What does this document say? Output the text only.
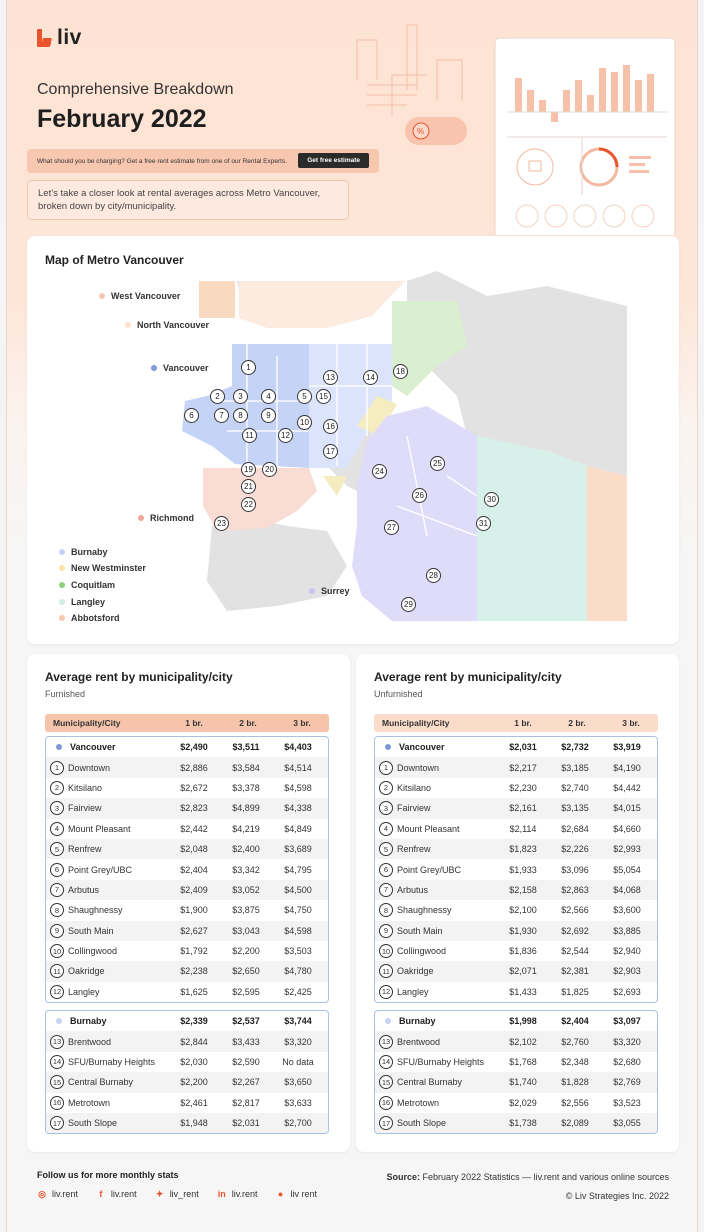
liv
%
Comprehensive Breakdown
February 2022
What should you be charging? Get a free rent estimate from one of our Rental Experts.	Get free estimate
Let’s take a closer look at rental averages across Metro Vancouver, broken down by city/municipality.
Map of Metro Vancouver
West Vancouver
North Vancouver
Vancouver
Richmond
Surrey
Burnaby
New Westminster
Coquitlam
Langley
Abbotsford
1
2	3	4	5
6	7	8	9
10
11	12
13	14
15
16
17
18
19	20
21
22
23
24
25
26
27
28
29
30
31
Average rent by municipality/city
Furnished
Municipality/City	1 br.	2 br.	3 br.
Vancouver	$2,490	$3,511	$4,403
1 Downtown	$2,886	$3,584	$4,514
2 Kitsilano	$2,672	$3,378	$4,598
3 Fairview	$2,823	$4,899	$4,338
4 Mount Pleasant	$2,442	$4,219	$4,849
5 Renfrew	$2,048	$2,400	$3,689
6 Point Grey/UBC	$2,404	$3,342	$4,795
7 Arbutus	$2,409	$3,052	$4,500
8 Shaughnessy	$1,900	$3,875	$4,750
9 South Main	$2,627	$3,043	$4,598
10 Collingwood	$1,792	$2,200	$3,503
11 Oakridge	$2,238	$2,650	$4,780
12 Langley	$1,625	$2,595	$2,425
Burnaby	$2,339	$2,537	$3,744
13 Brentwood	$2,844	$3,433	$3,320
14 SFU/Burnaby Heights	$2,030	$2,590	No data
15 Central Burnaby	$2,200	$2,267	$3,650
16 Metrotown	$2,461	$2,817	$3,633
17 South Slope	$1,948	$2,031	$2,700
Average rent by municipality/city
Unfurnished
Municipality/City	1 br.	2 br.	3 br.
Vancouver	$2,031	$2,732	$3,919
1 Downtown	$2,217	$3,185	$4,190
2 Kitsilano	$2,230	$2,740	$4,442
3 Fairview	$2,161	$3,135	$4,015
4 Mount Pleasant	$2,114	$2,684	$4,660
5 Renfrew	$1,823	$2,226	$2,993
6 Point Grey/UBC	$1,933	$3,096	$5,054
7 Arbutus	$2,158	$2,863	$4,068
8 Shaughnessy	$2,100	$2,566	$3,600
9 South Main	$1,930	$2,692	$3,885
10 Collingwood	$1,836	$2,544	$2,940
11 Oakridge	$2,071	$2,381	$2,903
12 Langley	$1,433	$1,825	$2,693
Burnaby	$1,998	$2,404	$3,097
13 Brentwood	$2,102	$2,760	$3,320
14 SFU/Burnaby Heights	$1,768	$2,348	$2,680
15 Central Burnaby	$1,740	$1,828	$2,769
16 Metrotown	$2,029	$2,556	$3,523
17 South Slope	$1,738	$2,089	$3,055
Follow us for more monthly stats
◎ liv.rent	f liv.rent ✦ liv_rent in liv.rent ● liv rent
Source: February 2022 Statistics — liv.rent and various online sources
© Liv Strategies Inc. 2022
